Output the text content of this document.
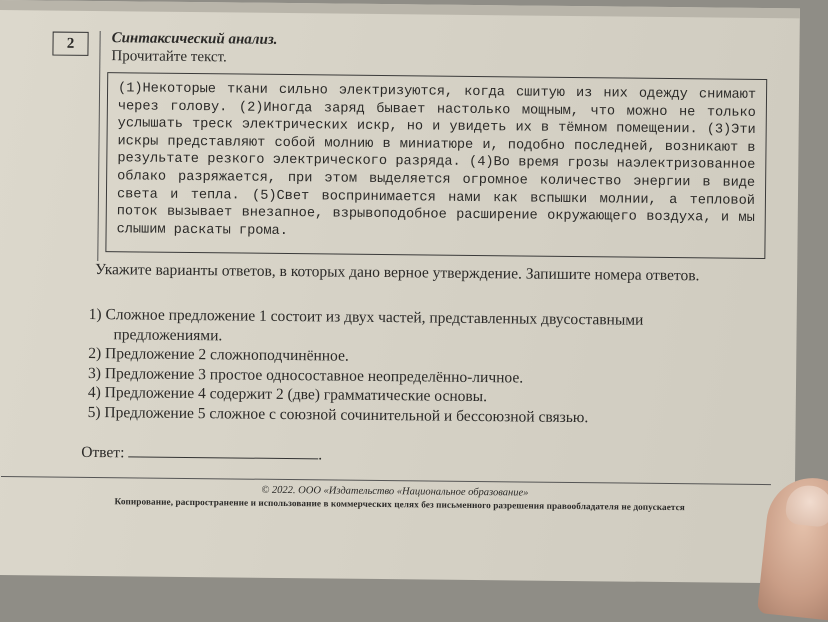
2	Синтаксический анализ.
Прочитайте текст.
(1)Некоторые ткани сильно электризуются, когда сшитую из них одежду снимают через голову. (2)Иногда заряд бывает настолько мощным, что можно не только услышать треск электрических искр, но и увидеть их в тёмном помещении. (3)Эти искры представляют собой молнию в миниатюре и, подобно последней, возникают в результате резкого электрического разряда. (4)Во время грозы наэлектризованное облако разряжается, при этом выделяется огромное количество энергии в виде света и тепла. (5)Свет воспринимается нами как вспышки молнии, а тепловой поток вызывает внезапное, взрывоподобное расширение окружающего воздуха, и мы слышим раскаты грома.
Укажите варианты ответов, в которых дано верное утверждение. Запишите номера ответов.
1) Сложное предложение 1 состоит из двух частей, представленных двусоставными
предложениями.
2) Предложение 2 сложноподчинённое.
3) Предложение 3 простое односоставное неопределённо-личное.
4) Предложение 4 содержит 2 (две) грамматические основы.
5) Предложение 5 сложное с союзной сочинительной и бессоюзной связью.
Ответ:	.
© 2022. ООО «Издательство «Национальное образование»
Копирование, распространение и использование в коммерческих целях без письменного разрешения правообладателя не допускается
